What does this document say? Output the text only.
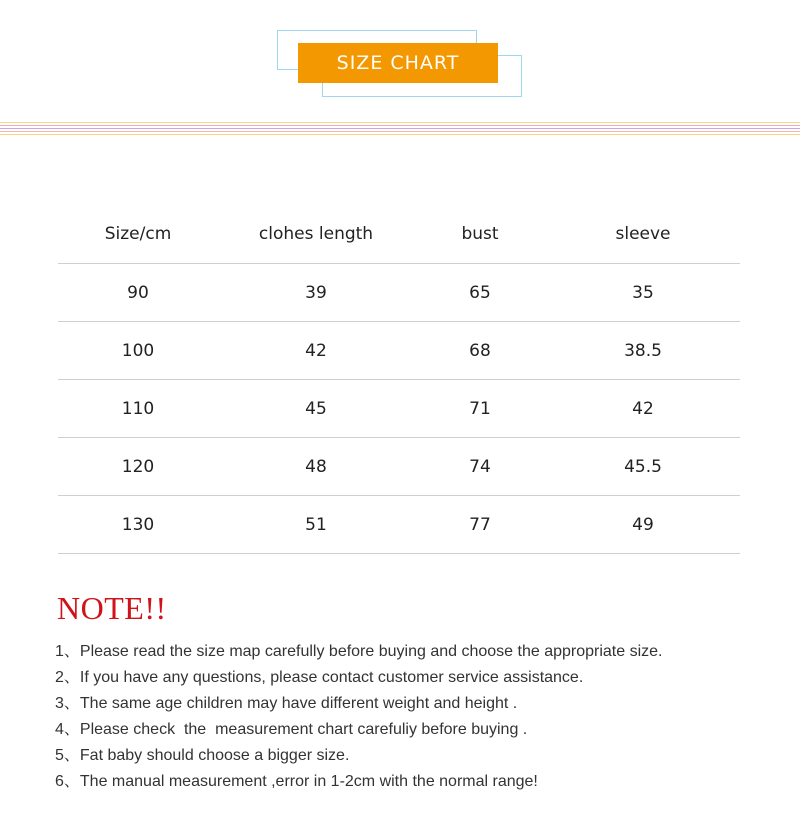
SIZE CHART
Size/cm	clohes length	bust	sleeve
90	39	65	35
100	42	68	38.5
110	45	71	42
120	48	74	45.5
130	51	77	49
NOTE!!
1、Please read the size map carefully before buying and choose the appropriate size.
2、If you have any questions, please contact customer service assistance.
3、The same age children may have different weight and height .
4、Please check  the  measurement chart carefuliy before buying .
5、Fat baby should choose a bigger size.
6、The manual measurement ,error in 1-2cm with the normal range!
